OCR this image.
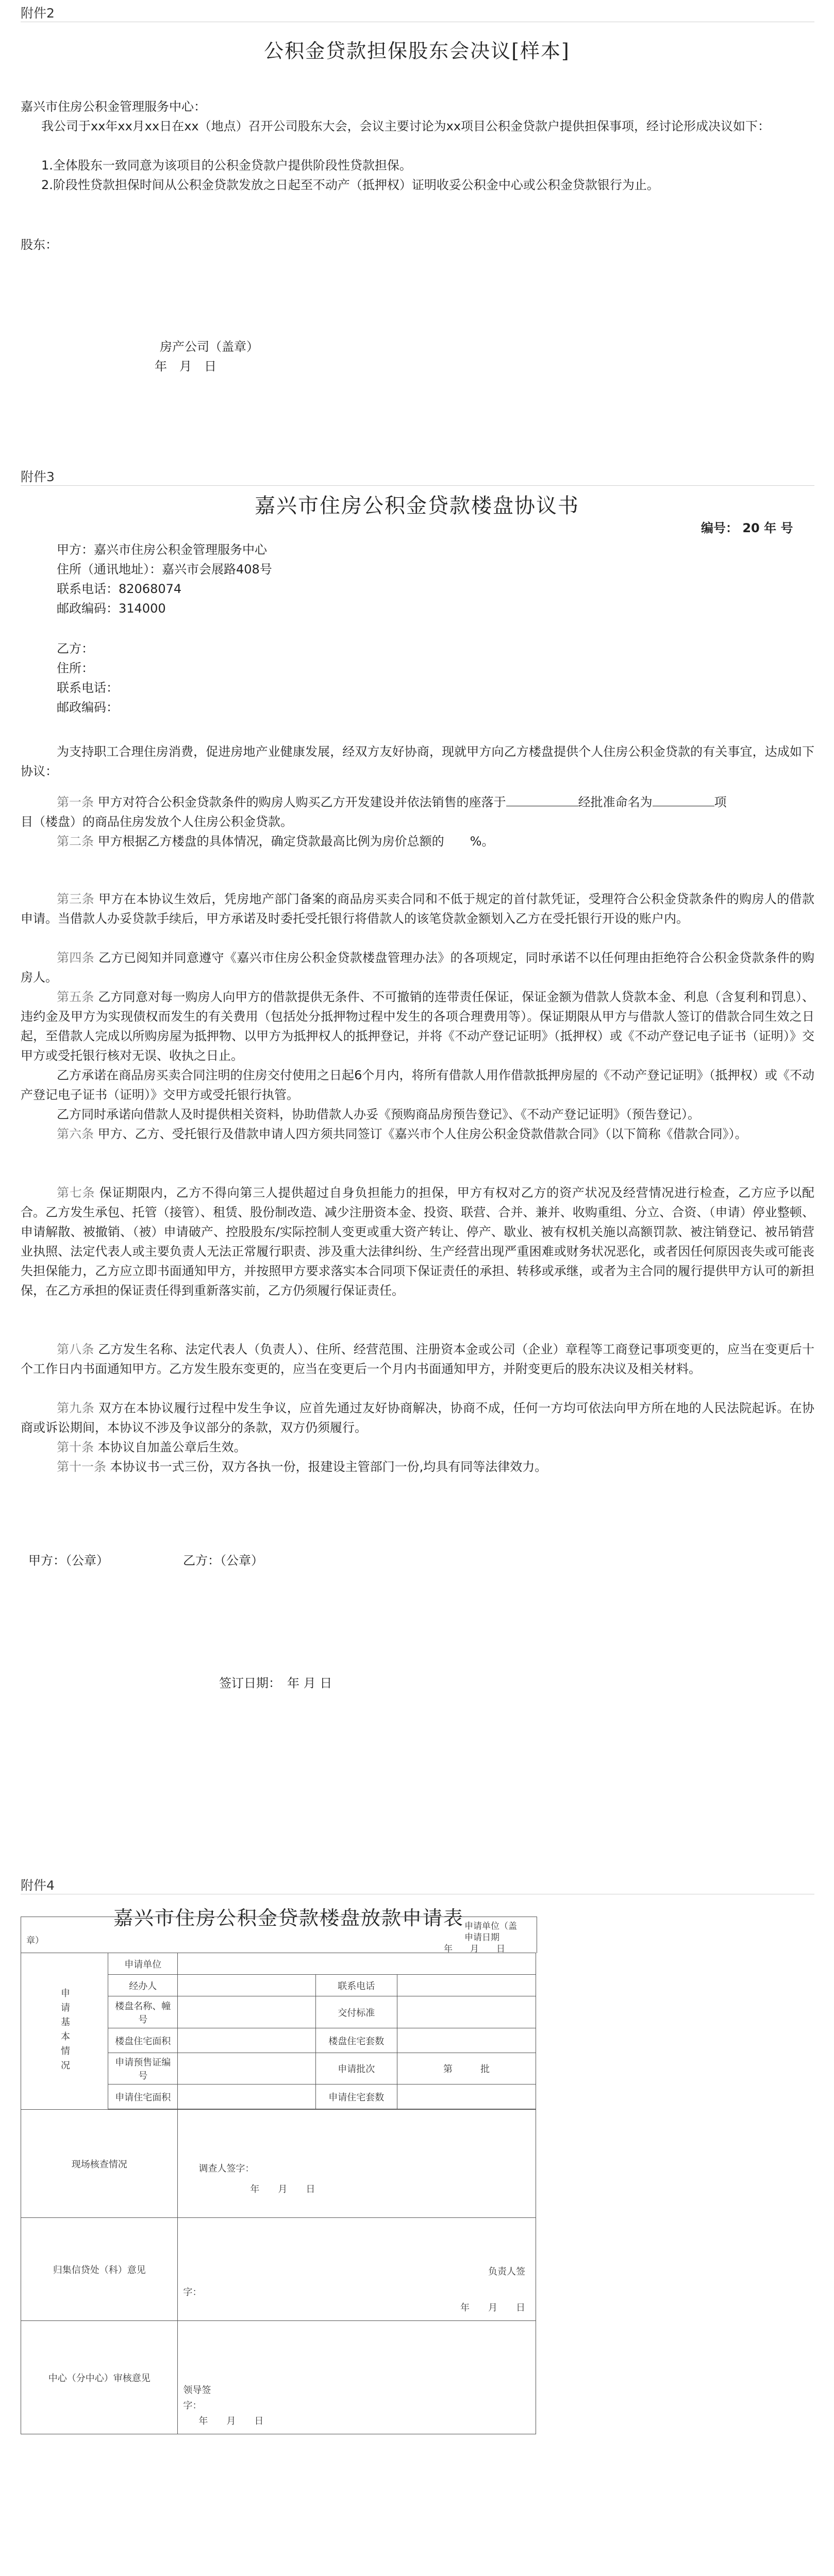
附件2
公积金贷款担保股东会决议[样本]
嘉兴市住房公积金管理服务中心：
我公司于xx年xx月xx日在xx（地点）召开公司股东大会，会议主要讨论为xx项目公积金贷款户提供担保事项，经讨论形成决议如下：
1.全体股东一致同意为该项目的公积金贷款户提供阶段性贷款担保。
2.阶段性贷款担保时间从公积金贷款发放之日起至不动产（抵押权）证明收妥公积金中心或公积金贷款银行为止。
股东：
房产公司（盖章）
年　月　日
附件3
嘉兴市住房公积金贷款楼盘协议书
编号： 20 年 号
甲方：嘉兴市住房公积金管理服务中心
住所（通讯地址）：嘉兴市会展路408号
联系电话：82068074
邮政编码：314000
乙方：
住所：
联系电话：
邮政编码：
为支持职工合理住房消费，促进房地产业健康发展，经双方友好协商，现就甲方向乙方楼盘提供个人住房公积金贷款的有关事宜，达成如下协议：
第一条 甲方对符合公积金贷款条件的购房人购买乙方开发建设并依法销售的座落于	经批准命名为	项
目（楼盘）的商品住房发放个人住房公积金贷款。
第二条 甲方根据乙方楼盘的具体情况，确定贷款最高比例为房价总额的 %。
第三条 甲方在本协议生效后，凭房地产部门备案的商品房买卖合同和不低于规定的首付款凭证，受理符合公积金贷款条件的购房人的借款申请。当借款人办妥贷款手续后，甲方承诺及时委托受托银行将借款人的该笔贷款金额划入乙方在受托银行开设的账户内。
第四条 乙方已阅知并同意遵守《嘉兴市住房公积金贷款楼盘管理办法》的各项规定，同时承诺不以任何理由拒绝符合公积金贷款条件的购房人。
第五条 乙方同意对每一购房人向甲方的借款提供无条件、不可撤销的连带责任保证，保证金额为借款人贷款本金、利息（含复利和罚息）、违约金及甲方为实现债权而发生的有关费用（包括处分抵押物过程中发生的各项合理费用等）。保证期限从甲方与借款人签订的借款合同生效之日起，至借款人完成以所购房屋为抵押物、以甲方为抵押权人的抵押登记，并将《不动产登记证明》（抵押权）或《不动产登记电子证书（证明）》交甲方或受托银行核对无误、收执之日止。
乙方承诺在商品房买卖合同注明的住房交付使用之日起6个月内，将所有借款人用作借款抵押房屋的《不动产登记证明》（抵押权）或《不动产登记电子证书（证明）》交甲方或受托银行执管。
乙方同时承诺向借款人及时提供相关资料，协助借款人办妥《预购商品房预告登记》、《不动产登记证明》（预告登记）。
第六条 甲方、乙方、受托银行及借款申请人四方须共同签订《嘉兴市个人住房公积金贷款借款合同》（以下简称《借款合同》）。
第七条 保证期限内，乙方不得向第三人提供超过自身负担能力的担保，甲方有权对乙方的资产状况及经营情况进行检查，乙方应予以配合。乙方发生承包、托管（接管）、租赁、股份制改造、减少注册资本金、投资、联营、合并、兼并、收购重组、分立、合资、（申请）停业整顿、申请解散、被撤销、（被）申请破产、控股股东/实际控制人变更或重大资产转让、停产、歇业、被有权机关施以高额罚款、被注销登记、被吊销营业执照、法定代表人或主要负责人无法正常履行职责、涉及重大法律纠纷、生产经营出现严重困难或财务状况恶化，或者因任何原因丧失或可能丧失担保能力，乙方应立即书面通知甲方，并按照甲方要求落实本合同项下保证责任的承担、转移或承继，或者为主合同的履行提供甲方认可的新担保，在乙方承担的保证责任得到重新落实前，乙方仍须履行保证责任。
第八条 乙方发生名称、法定代表人（负责人）、住所、经营范围、注册资本金或公司（企业）章程等工商登记事项变更的，应当在变更后十个工作日内书面通知甲方。乙方发生股东变更的，应当在变更后一个月内书面通知甲方，并附变更后的股东决议及相关材料。
第九条 双方在本协议履行过程中发生争议，应首先通过友好协商解决，协商不成，任何一方均可依法向甲方所在地的人民法院起诉。在协商或诉讼期间，本协议不涉及争议部分的条款，双方仍须履行。
第十条 本协议自加盖公章后生效。
第十一条 本协议书一式三份，双方各执一份，报建设主管部门一份,均具有同等法律效力。
甲方：（公章）	乙方：（公章）
签订日期：　年 月 日
附件4
嘉兴市住房公积金贷款楼盘放款申请表
章）
申请单位（盖
申请日期
年　　月　　日
申请基本情况	申请单位			
	经办人		联系电话	
	楼盘名称、幢号		交付标准	
	楼盘住宅面积		楼盘住宅套数	
	申请预售证编号		申请批次	第　　　批
	申请住宅面积		申请住宅套数	

现场核查情况		调查人签字：
年　　月　　日		

归集信贷处（科）意见		负责人签
字：
年　　月　　日		

中心（分中心）审核意见		领导签
字：
年　　月　　日		
